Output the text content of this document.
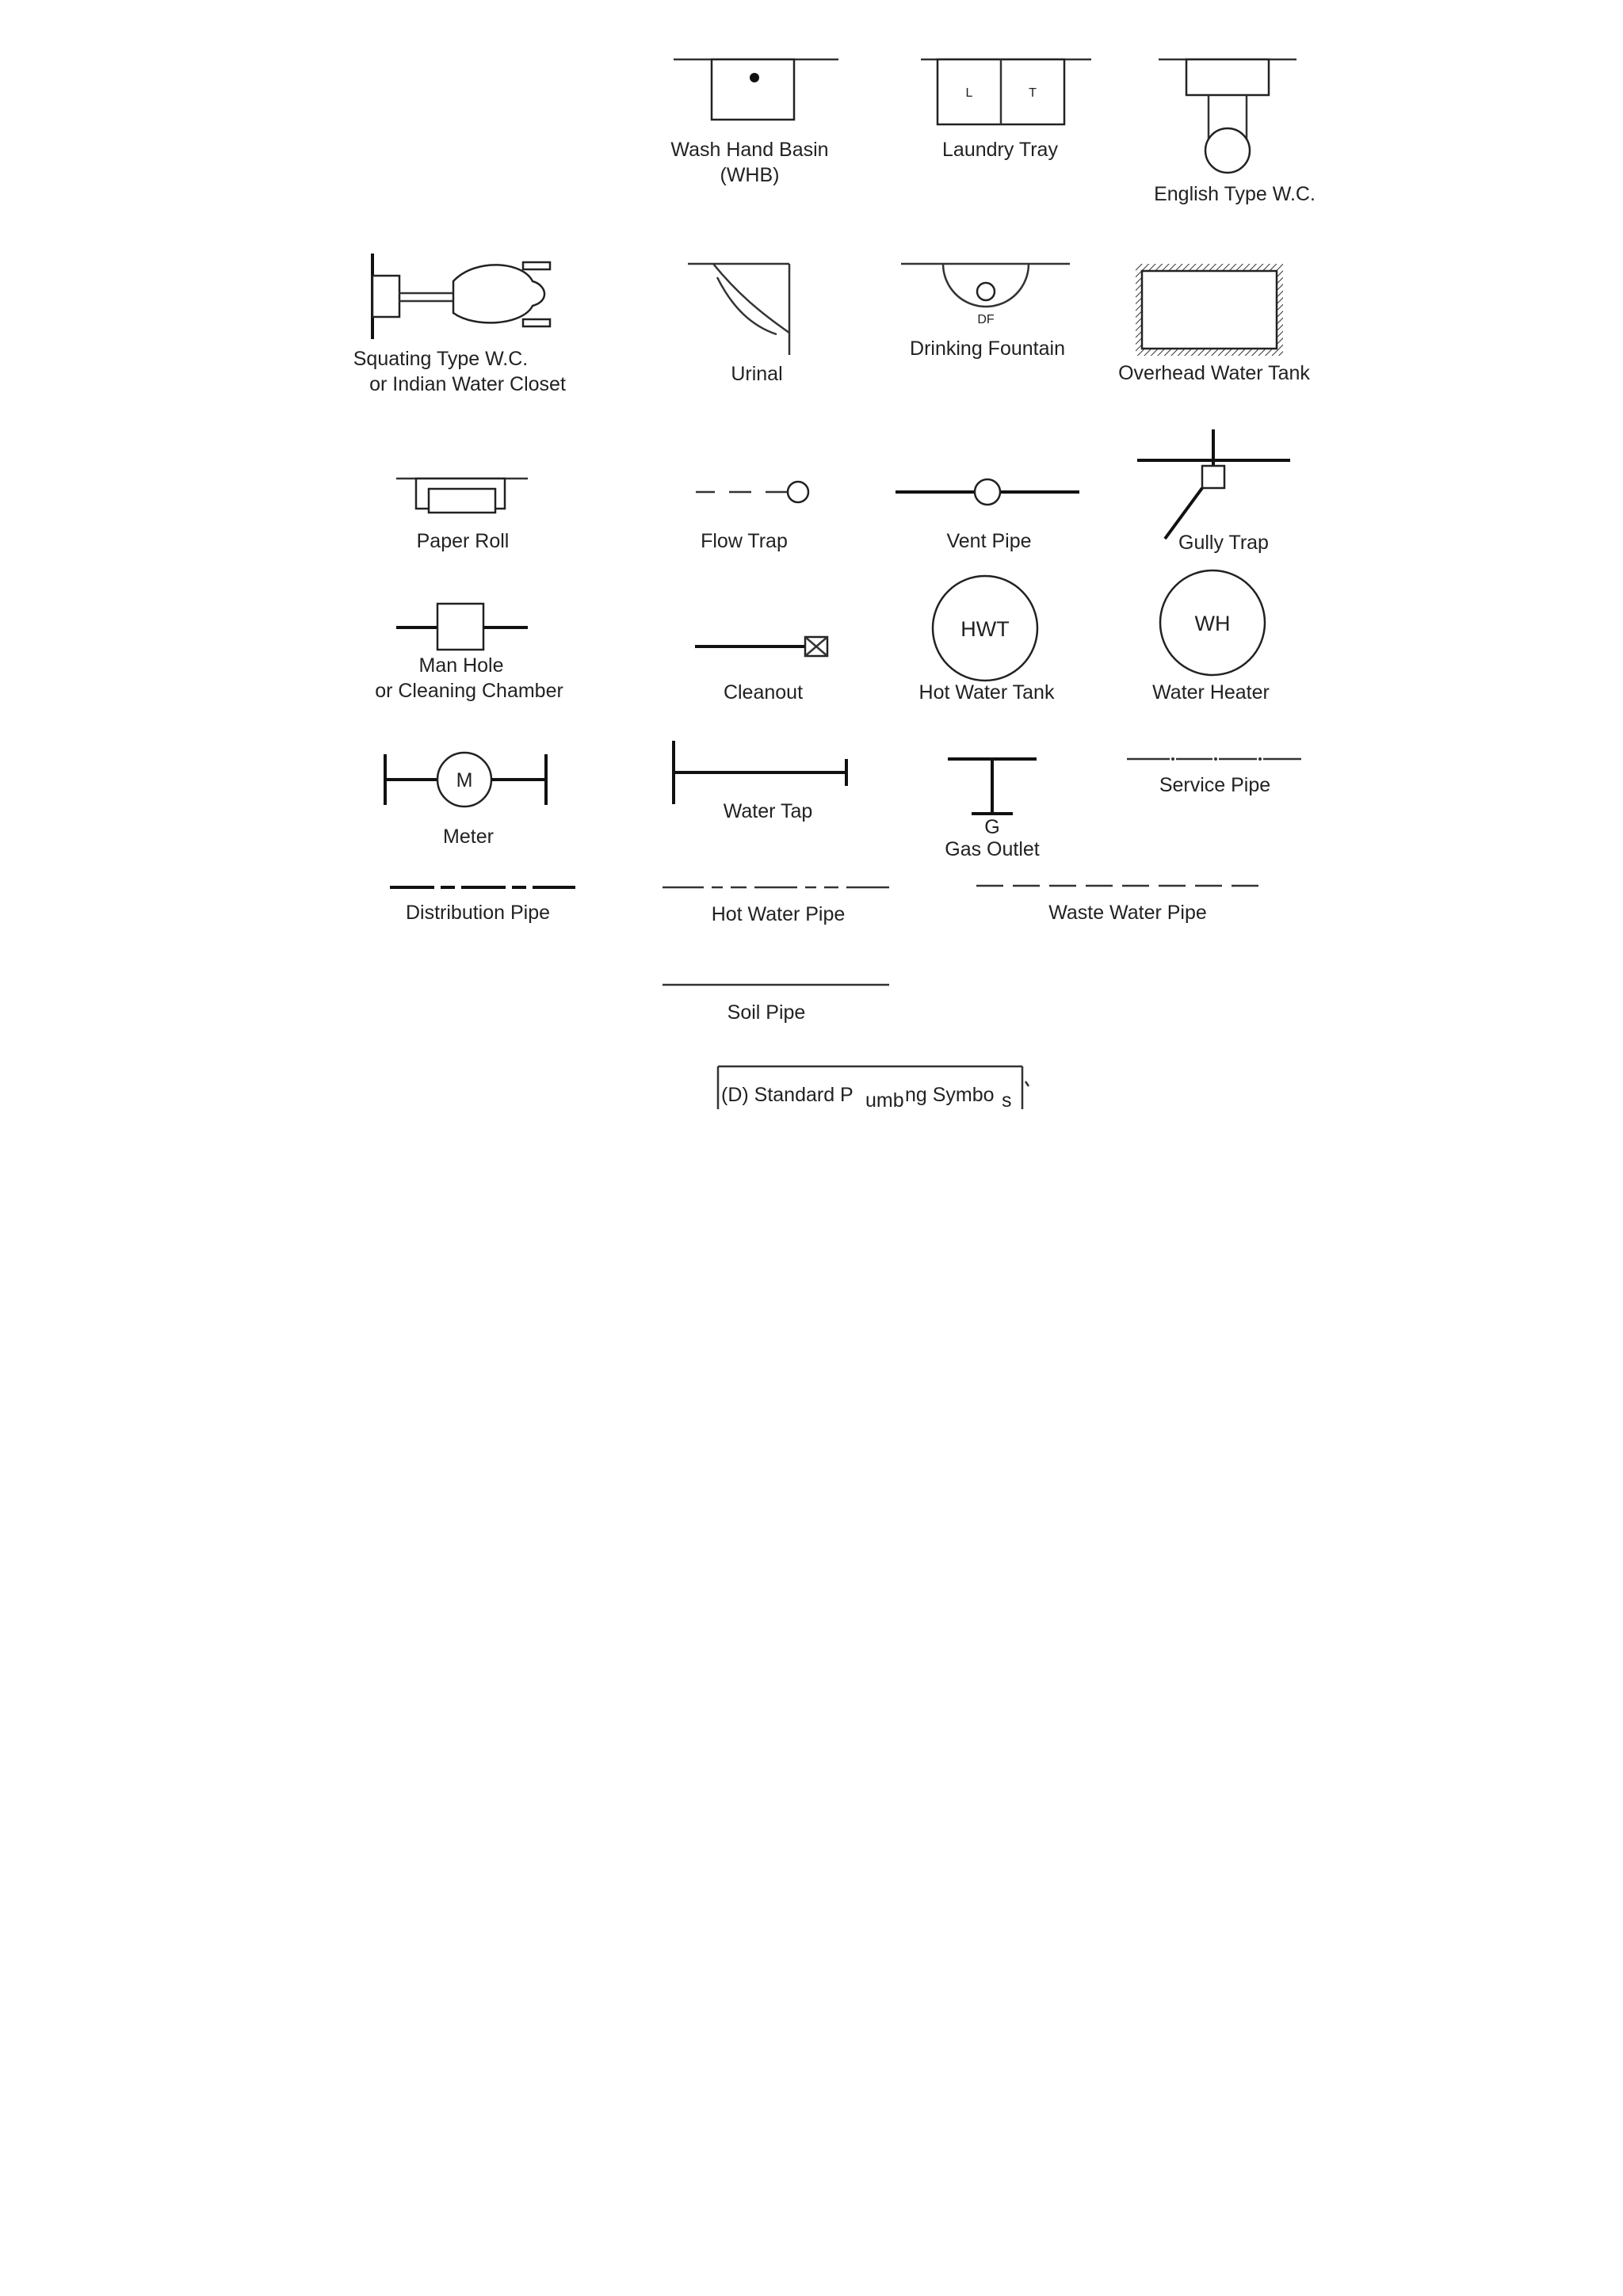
Wash Hand Basin
(WHB)
L	T
Laundry Tray
English Type W.C.
Squating Type W.C.
or Indian Water Closet	Urinal
DF
Drinking Fountain
Overhead Water Tank
Paper Roll	Flow Trap	Vent Pipe	Gully Trap
Man Hole
or Cleaning Chamber	Cleanout
HWT
Hot Water Tank
WH
Water Heater
M
Meter
Water Tap
G
Gas Outlet
Service Pipe
Distribution Pipe	Hot Water Pipe	Waste Water Pipe
Soil Pipe
(D) Standard P umb ng Symbo s
